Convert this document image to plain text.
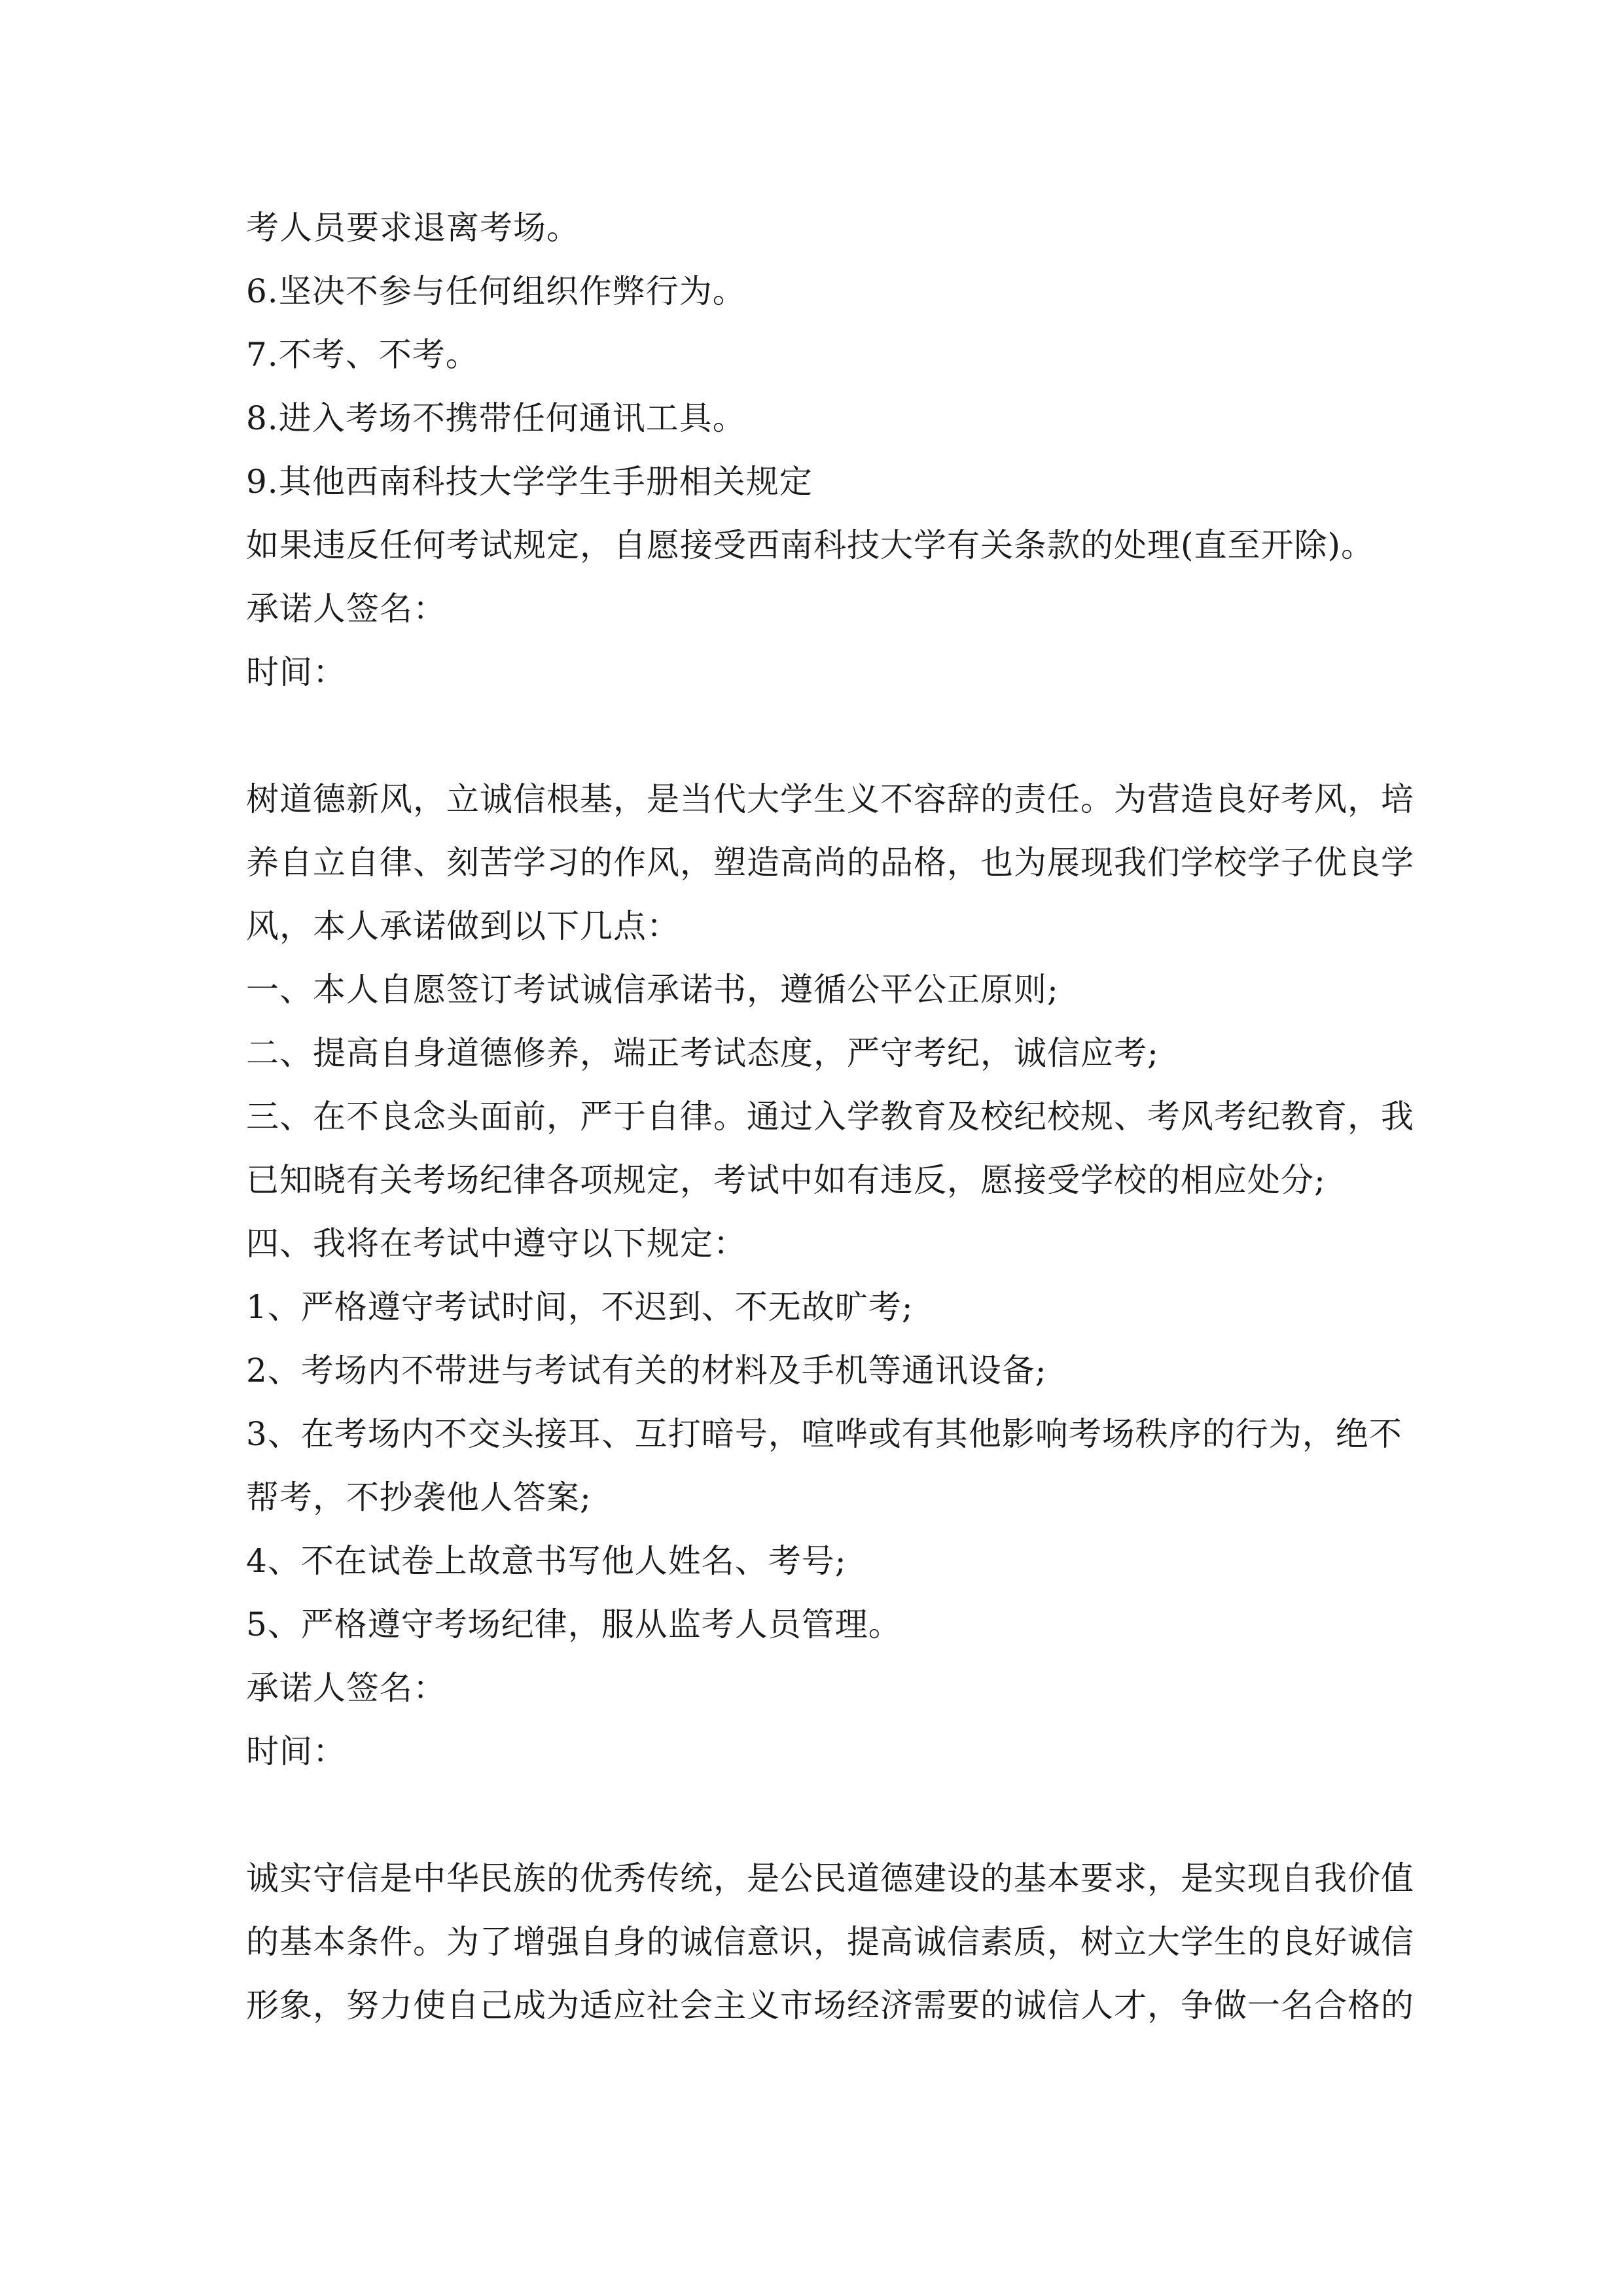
考人员要求退离考场。
6.坚决不参与任何组织作弊行为。
7.不考、不考。
8.进入考场不携带任何通讯工具。
9.其他西南科技大学学生手册相关规定
如果违反任何考试规定，自愿接受西南科技大学有关条款的处理(直至开除)。
承诺人签名：
时间：
树道德新风，立诚信根基，是当代大学生义不容辞的责任。为营造良好考风，培
养自立自律、刻苦学习的作风，塑造高尚的品格，也为展现我们学校学子优良学
风，本人承诺做到以下几点：
一、本人自愿签订考试诚信承诺书，遵循公平公正原则;
二、提高自身道德修养，端正考试态度，严守考纪，诚信应考;
三、在不良念头面前，严于自律。通过入学教育及校纪校规、考风考纪教育，我
已知晓有关考场纪律各项规定，考试中如有违反，愿接受学校的相应处分;
四、我将在考试中遵守以下规定：
1、严格遵守考试时间，不迟到、不无故旷考;
2、考场内不带进与考试有关的材料及手机等通讯设备;
3、在考场内不交头接耳、互打暗号，喧哗或有其他影响考场秩序的行为，绝不
帮考，不抄袭他人答案;
4、不在试卷上故意书写他人姓名、考号;
5、严格遵守考场纪律，服从监考人员管理。
承诺人签名：
时间：
诚实守信是中华民族的优秀传统，是公民道德建设的基本要求，是实现自我价值
的基本条件。为了增强自身的诚信意识，提高诚信素质，树立大学生的良好诚信
形象，努力使自己成为适应社会主义市场经济需要的诚信人才，争做一名合格的
